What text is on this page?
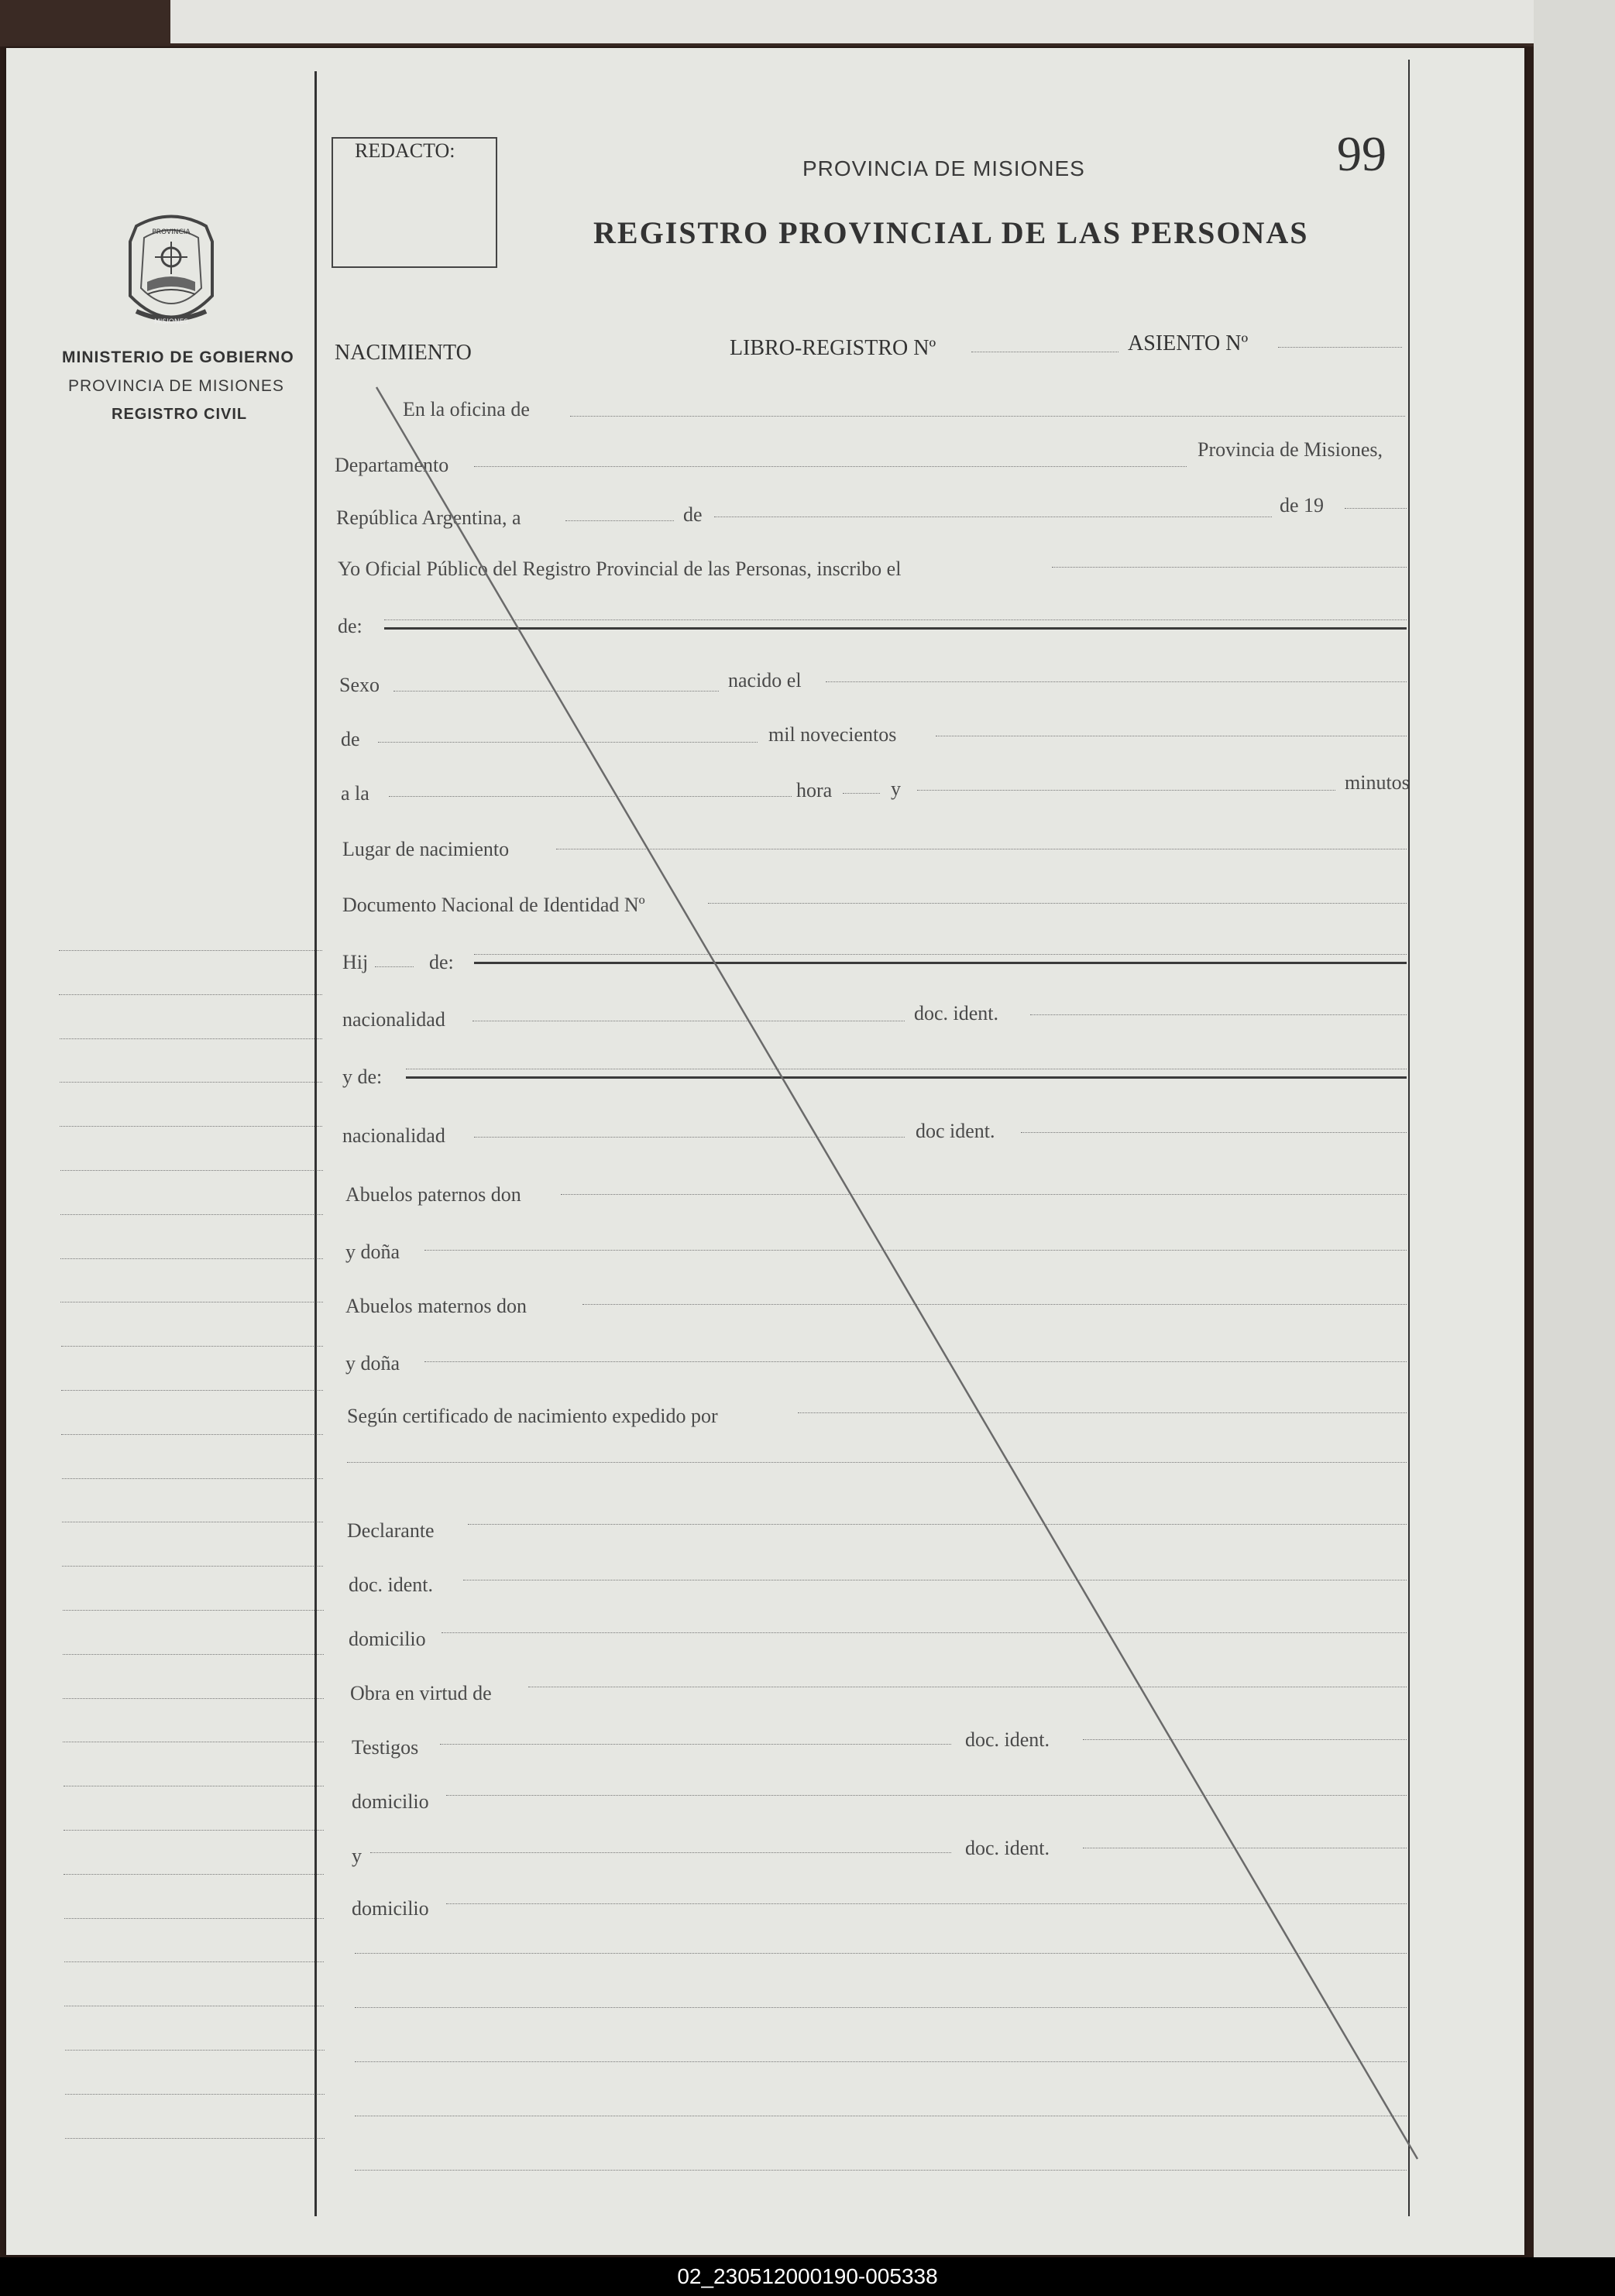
PROVINCIA
MISIONES
MINISTERIO DE GOBIERNO
PROVINCIA DE MISIONES
REGISTRO CIVIL
REDACTO:
PROVINCIA DE MISIONES
REGISTRO PROVINCIAL DE LAS PERSONAS
99
NACIMIENTO	LIBRO-REGISTRO Nº	ASIENTO Nº
En la oficina de
Departamento
Provincia de Misiones,
República Argentina, a	de	de 19
Yo Oficial Público del Registro Provincial de las Personas, inscribo el
de:
Sexo	nacido el
de	mil novecientos
a la	hora	y	minutos
Lugar de nacimiento
Documento Nacional de Identidad Nº
Hij	de:
nacionalidad	doc. ident.
y de:
nacionalidad	doc ident.
Abuelos paternos don
y doña
Abuelos maternos don
y doña
Según certificado de nacimiento expedido por
Declarante
doc. ident.
domicilio
Obra en virtud de
Testigos	doc. ident.
domicilio
y	doc. ident.
domicilio
02_230512000190-005338
